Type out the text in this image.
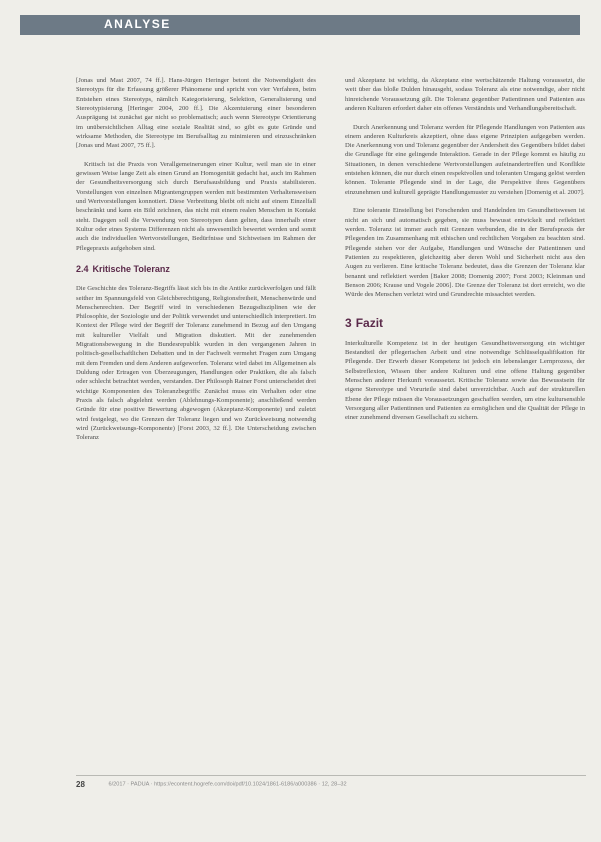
ANALYSE

[Jonas und Mast 2007, 74 ff.]. Hans-Jürgen Heringer betont die Notwendigkeit des Stereotyps für die Erfassung größerer Phänomene und spricht von vier Verfahren, beim Entstehen eines Stereotyps, nämlich Kategorisierung, Selektion, Generalisierung und Stereotypisierung [Heringer 2004, 200 ff.]. Die Akzentuierung einer besonderen Ausprägung ist zunächst gar nicht so problematisch; auch wenn Stereotype Orientierung im unübersichtlichen Alltag eine soziale Realität sind, so gibt es gute Gründe und wirksame Methoden, die Stereotype im Berufsalltag zu minimieren und einzuschränken [Jonas und Mast 2007, 75 ff.].

Kritisch ist die Praxis von Verallgemeinerungen einer Kultur, weil man sie in einer gewissen Weise lange Zeit als einen Grund an Homogenität gedacht hat, auch im Rahmen der Gesundheitsversorgung sich durch Berufsausbildung und Praxis stabilisieren. Vorstellungen von einzelnen Migrantengruppen werden mit bestimmten Verhaltensweisen und Wertvorstellungen konnotiert. Diese Verbreitung bleibt oft nicht auf einem Einzelfall beschränkt und kann ein Bild zeichnen, das nicht mit einem realen Menschen in Kontakt steht. Dagegen soll die Verwendung von Stereotypen dann gelten, dass innerhalb einer Kultur oder eines Systems Differenzen nicht als unwesentlich bewertet werden und somit auch die individuellen Wertvorstellungen, Bedürfnisse und Sichtweisen im Rahmen der Pflegepraxis aufgehoben sind.

2.4 Kritische Toleranz

Die Geschichte des Toleranz-Begriffs lässt sich bis in die Antike zurückverfolgen und fällt seither im Spannungsfeld von Gleichberechtigung, Religionsfreiheit, Menschenwürde und Menschenrechten. Der Begriff wird in verschiedenen Bezugsdisziplinen wie der Philosophie, der Soziologie und der Politik verwendet und unterschiedlich interpretiert. Im Kontext der Pflege wird der Begriff der Toleranz zunehmend in Bezug auf den Umgang mit kultureller Vielfalt und Migration diskutiert. Mit der zunehmenden Migrationsbewegung in die Bundesrepublik wurden in den vergangenen Jahren in politisch-gesellschaftlichen Debatten und in der Fachwelt vermehrt Fragen zum Umgang mit dem Fremden und dem Anderen aufgeworfen. Toleranz wird dabei im Allgemeinen als Duldung oder Ertragen von Überzeugungen, Handlungen oder Praktiken, die als falsch oder schlecht betrachtet werden, verstanden. Der Philosoph Rainer Forst unterscheidet drei wichtige Komponenten des Toleranzbegriffs: Zunächst muss ein Verhalten oder eine Praxis als falsch abgelehnt werden (Ablehnungs-Komponente); anschließend werden Gründe für eine positive Bewertung abgewogen (Akzeptanz-Komponente) und zuletzt wird festgelegt, wo die Grenzen der Toleranz liegen und wo Zurückweisung notwendig wird (Zurückweisungs-Komponente) [Forst 2003, 32 ff.]. Die Unterscheidung zwischen Toleranz

und Akzeptanz ist wichtig, da Akzeptanz eine wertschätzende Haltung voraussetzt, die weit über das bloße Dulden hinausgeht, sodass Toleranz als eine notwendige, aber nicht hinreichende Voraussetzung gilt. Die Toleranz gegenüber Patientinnen und Patienten aus anderen Kulturen erfordert daher ein offenes Verständnis und Verhandlungsbereitschaft.

Durch Anerkennung und Toleranz werden für Pflegende Handlungen von Patienten aus einem anderen Kulturkreis akzeptiert, ohne dass eigene Prinzipien aufgegeben werden. Die Anerkennung von und Toleranz gegenüber der Andersheit des Gegenübers bildet dabei die Grundlage für eine gelingende Interaktion. Gerade in der Pflege kommt es häufig zu Situationen, in denen verschiedene Wertvorstellungen aufeinandertreffen und Konflikte entstehen können, die nur durch einen respektvollen und toleranten Umgang gelöst werden können. Tolerante Pflegende sind in der Lage, die Perspektive ihres Gegenübers einzunehmen und kulturell geprägte Handlungsmuster zu verstehen [Domenig et al. 2007].

Eine tolerante Einstellung bei Forschenden und Handelnden im Gesundheitswesen ist nicht an sich und automatisch gegeben, sie muss bewusst entwickelt und reflektiert werden. Toleranz ist immer auch mit Grenzen verbunden, die in der Berufspraxis der Pflegenden im Zusammenhang mit ethischen und rechtlichen Vorgaben zu beachten sind. Pflegende stehen vor der Aufgabe, Handlungen und Wünsche der Patientinnen und Patienten zu respektieren, gleichzeitig aber deren Wohl und Sicherheit nicht aus den Augen zu verlieren. Eine kritische Toleranz bedeutet, dass die Grenzen der Toleranz klar benannt und reflektiert werden [Baker 2008; Domenig 2007; Forst 2003; Kleinman und Benson 2006; Krause und Vogele 2006]. Die Grenze der Toleranz ist dort erreicht, wo die Würde des Menschen verletzt wird und Grundrechte missachtet werden.

3 Fazit

Interkulturelle Kompetenz ist in der heutigen Gesundheitsversorgung ein wichtiger Bestandteil der pflegerischen Arbeit und eine notwendige Schlüsselqualifikation für Pflegende. Der Erwerb dieser Kompetenz ist jedoch ein lebenslanger Lernprozess, der Selbstreflexion, Wissen über andere Kulturen und eine offene Haltung gegenüber Menschen anderer Herkunft voraussetzt. Kritische Toleranz sowie das Bewusstsein für eigene Stereotype und Vorurteile sind dabei unverzichtbar. Auch auf der strukturellen Ebene der Pflege müssen die Voraussetzungen geschaffen werden, um eine kultursensible Versorgung aller Patientinnen und Patienten zu ermöglichen und die Qualität der Pflege in einer zunehmend diversen Gesellschaft zu sichern.

28	6/2017 · PADUA · https://econtent.hogrefe.com/doi/pdf/10.1024/1861-6186/a000386 · 12, 28–32
